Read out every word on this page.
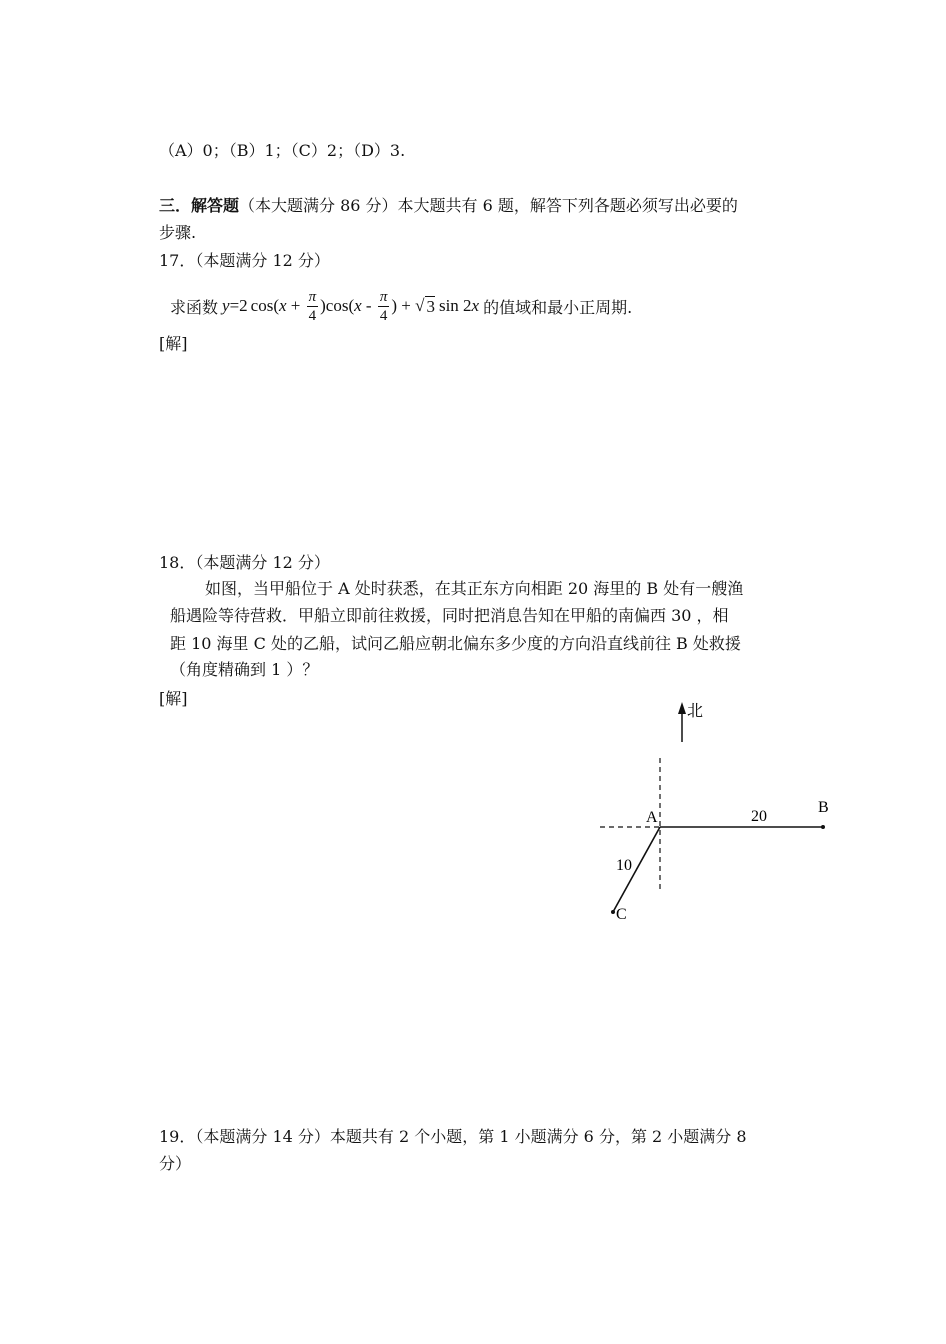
（A）0；（B）1；（C）2；（D）3.
三．解答题（本大题满分 86 分）本大题共有 6 题，解答下列各题必须写出必要的
步骤.
17．（本题满分 12 分）
求函数 y =2 cos( $x + \frac{\pi}{4} )\cos$( x - $\frac{\pi}{4}$ ) + √ 3 sin 2 x 的值域和最小正周期.
[解]
18．（本题满分 12 分）
如图，当甲船位于 A 处时获悉，在其正东方向相距 20 海里的 B 处有一艘渔
船遇险等待营救．甲船立即前往救援，同时把消息告知在甲船的南偏西 30 ，相
距 10 海里 C 处的乙船，试问乙船应朝北偏东多少度的方向沿直线前往 B 处救援
（角度精确到 1 ）？
[解]
北
A
B
C
20
10
19．（本题满分 14 分）本题共有 2 个小题，第 1 小题满分 6 分，第 2 小题满分 8
分）
